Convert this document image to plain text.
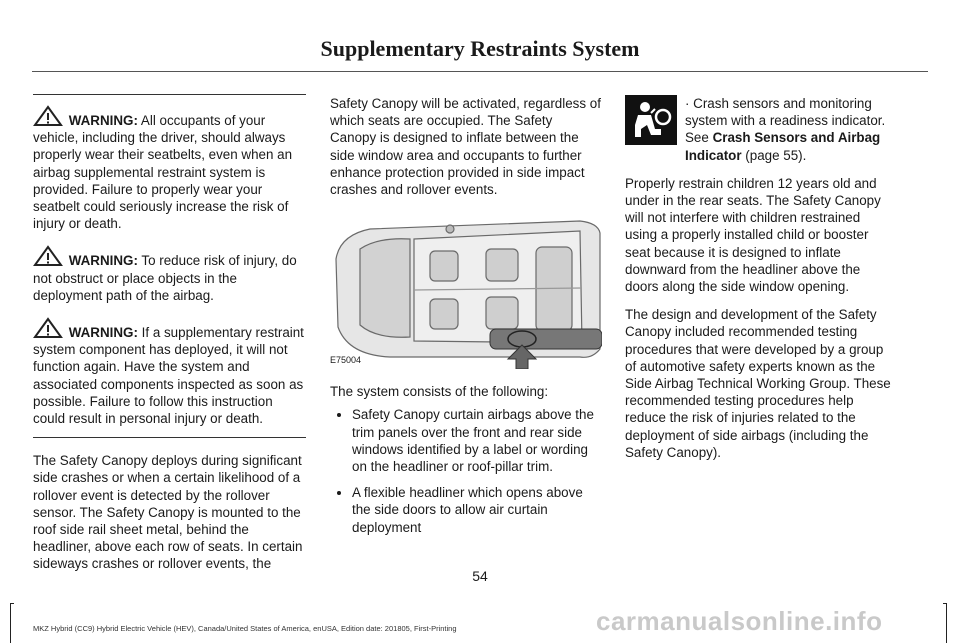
Supplementary Restraints System

WARNING: All occupants of your vehicle, including the driver, should always properly wear their seatbelts, even when an airbag supplemental restraint system is provided. Failure to properly wear your seatbelt could seriously increase the risk of injury or death.

WARNING: To reduce risk of injury, do not obstruct or place objects in the deployment path of the airbag.

WARNING: If a supplementary restraint system component has deployed, it will not function again. Have the system and associated components inspected as soon as possible. Failure to follow this instruction could result in personal injury or death.

The Safety Canopy deploys during significant side crashes or when a certain likelihood of a rollover event is detected by the rollover sensor. The Safety Canopy is mounted to the roof side rail sheet metal, behind the headliner, above each row of seats. In certain sideways crashes or rollover events, the

Safety Canopy will be activated, regardless of which seats are occupied. The Safety Canopy is designed to inflate between the side window area and occupants to further enhance protection provided in side impact crashes and rollover events.

E75004

The system consists of the following:

• Safety Canopy curtain airbags above the trim panels over the front and rear side windows identified by a label or wording on the headliner or roof-pillar trim.
• A flexible headliner which opens above the side doors to allow air curtain deployment

· Crash sensors and monitoring system with a readiness indicator. See Crash Sensors and Airbag Indicator (page 55).

Properly restrain children 12 years old and under in the rear seats. The Safety Canopy will not interfere with children restrained using a properly installed child or booster seat because it is designed to inflate downward from the headliner above the doors along the side window opening.

The design and development of the Safety Canopy included recommended testing procedures that were developed by a group of automotive safety experts known as the Side Airbag Technical Working Group. These recommended testing procedures help reduce the risk of injuries related to the deployment of side airbags (including the Safety Canopy).

54
MKZ Hybrid (CC9) Hybrid Electric Vehicle (HEV), Canada/United States of America, enUSA, Edition date: 201805, First-Printing	carmanualsonline.info
